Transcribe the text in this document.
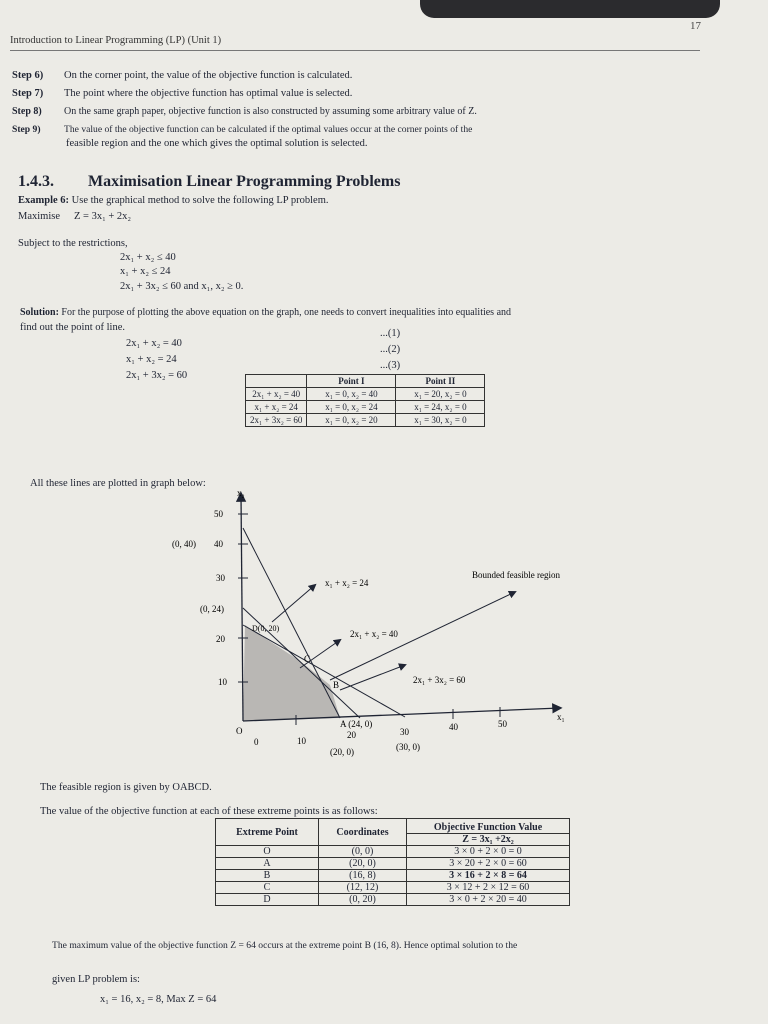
17
Introduction to Linear Programming (LP) (Unit 1)
Step 6) On the corner point, the value of the objective function is calculated.
Step 7) The point where the objective function has optimal value is selected.
Step 8) On the same graph paper, objective function is also constructed by assuming some arbitrary value of Z.
Step 9) The value of the objective function can be calculated if the optimal values occur at the corner points of the
feasible region and the one which gives the optimal solution is selected.
1.4.3. Maximisation Linear Programming Problems
Example 6: Use the graphical method to solve the following LP problem.
Maximise Z = 3x₁ + 2x₂
Subject to the restrictions,
2x₁ + x₂ ≤ 40
x₁ + x₂ ≤ 24
2x₁ + 3x₂ ≤ 60 and x₁, x₂ ≥ 0.
Solution: For the purpose of plotting the above equation on the graph, one needs to convert inequalities into equalities and
find out the point of line.
2x₁ + x₂ = 40
...(1)
x₁ + x₂ = 24
...(2)
2x₁ + 3x₂ = 60
...(3)
	Point I	Point II
2x₁ + x₂ = 40	x₁ = 0, x₂ = 40	x₁ = 20, x₂ = 0
x₁ + x₂ = 24	x₁ = 0, x₂ = 24	x₁ = 24, x₂ = 0
2x₁ + 3x₂ = 60	x₁ = 0, x₂ = 20	x₁ = 30, x₂ = 0
All these lines are plotted in graph below:
50
40
30
20
10
(0, 40)
(0, 24)
x₂
O
0	10
20	30	40	50
x₁
(20, 0)	(30, 0)
D(0, 20)
C
B
A (24, 0)
x₁ + x₂ = 24
2x₁ + x₂ = 40
2x₁ + 3x₂ = 60
Bounded feasible region
The feasible region is given by OABCD.
The value of the objective function at each of these extreme points is as follows:
Extreme Point	Coordinates	Objective Function Value
		Z = 3x₁ +2x₂
O	(0, 0)	3 × 0 + 2 × 0 = 0
A	(20, 0)	3 × 20 + 2 × 0 = 60
B	(16, 8)	3 × 16 + 2 × 8 = 64
C	(12, 12)	3 × 12 + 2 × 12 = 60
D	(0, 20)	3 × 0 + 2 × 20 = 40
The maximum value of the objective function Z = 64 occurs at the extreme point B (16, 8). Hence optimal solution to the
given LP problem is:
x₁ = 16, x₂ = 8, Max Z = 64
